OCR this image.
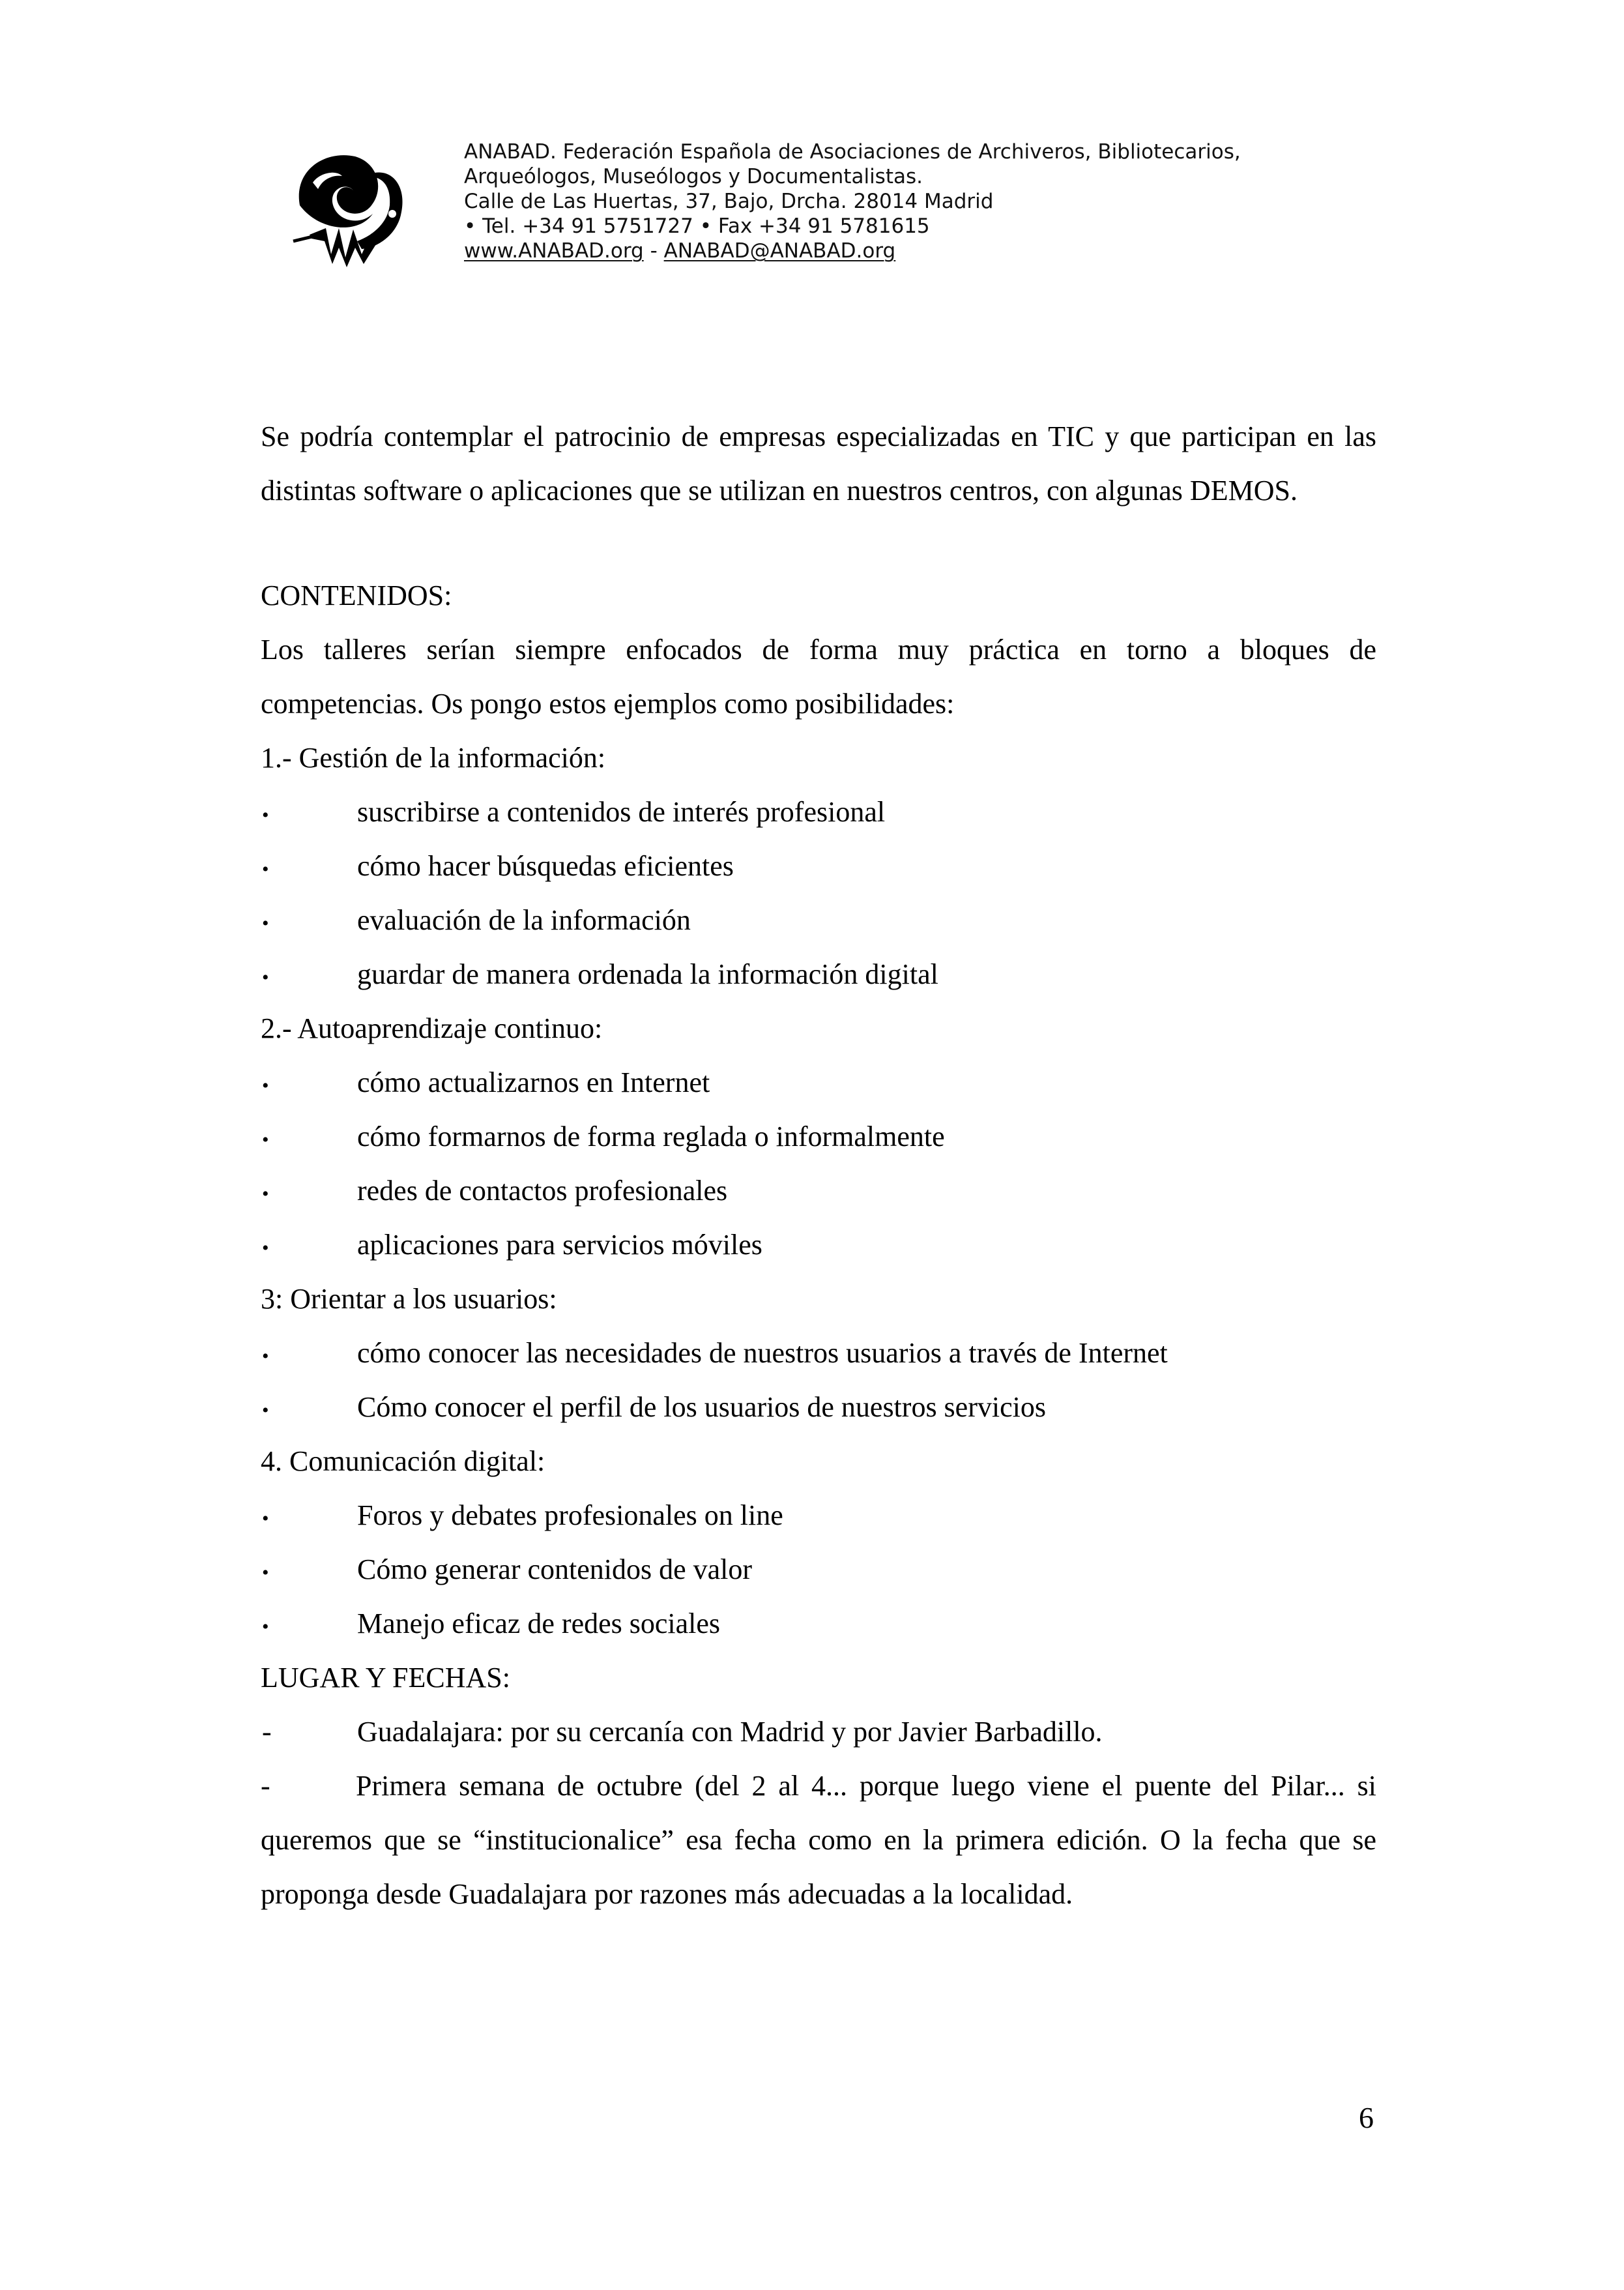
ANABAD. Federación Española de Asociaciones de Archiveros, Bibliotecarios,
Arqueólogos, Museólogos y Documentalistas.
Calle de Las Huertas, 37, Bajo, Drcha. 28014 Madrid
• Tel. +34 91 5751727 • Fax +34 91 5781615
www.ANABAD.org - ANABAD@ANABAD.org

Se podría contemplar el patrocinio de empresas especializadas en TIC y que participan en las distintas software o aplicaciones que se utilizan en nuestros centros, con algunas DEMOS.

CONTENIDOS:

Los talleres serían siempre enfocados de forma muy práctica en torno a bloques de competencias. Os pongo estos ejemplos como posibilidades:

1.- Gestión de la información:
•	suscribirse a contenidos de interés profesional
•	cómo hacer búsquedas eficientes
•	evaluación de la información
•	guardar de manera ordenada la información digital
2.- Autoaprendizaje continuo:
•	cómo actualizarnos en Internet
•	cómo formarnos de forma reglada o informalmente
•	redes de contactos profesionales
•	aplicaciones para servicios móviles
3: Orientar a los usuarios:
•	cómo conocer las necesidades de nuestros usuarios a través de Internet
•	Cómo conocer el perfil de los usuarios de nuestros servicios
4. Comunicación digital:
•	Foros y debates profesionales on line
•	Cómo generar contenidos de valor
•	Manejo eficaz de redes sociales
LUGAR Y FECHAS:
-	Guadalajara: por su cercanía con Madrid y por Javier Barbadillo.

-	Primera semana de octubre (del 2 al 4... porque luego viene el puente del Pilar... si queremos que se “institucionalice” esa fecha como en la primera edición. O la fecha que se proponga desde Guadalajara por razones más adecuadas a la localidad.

6
